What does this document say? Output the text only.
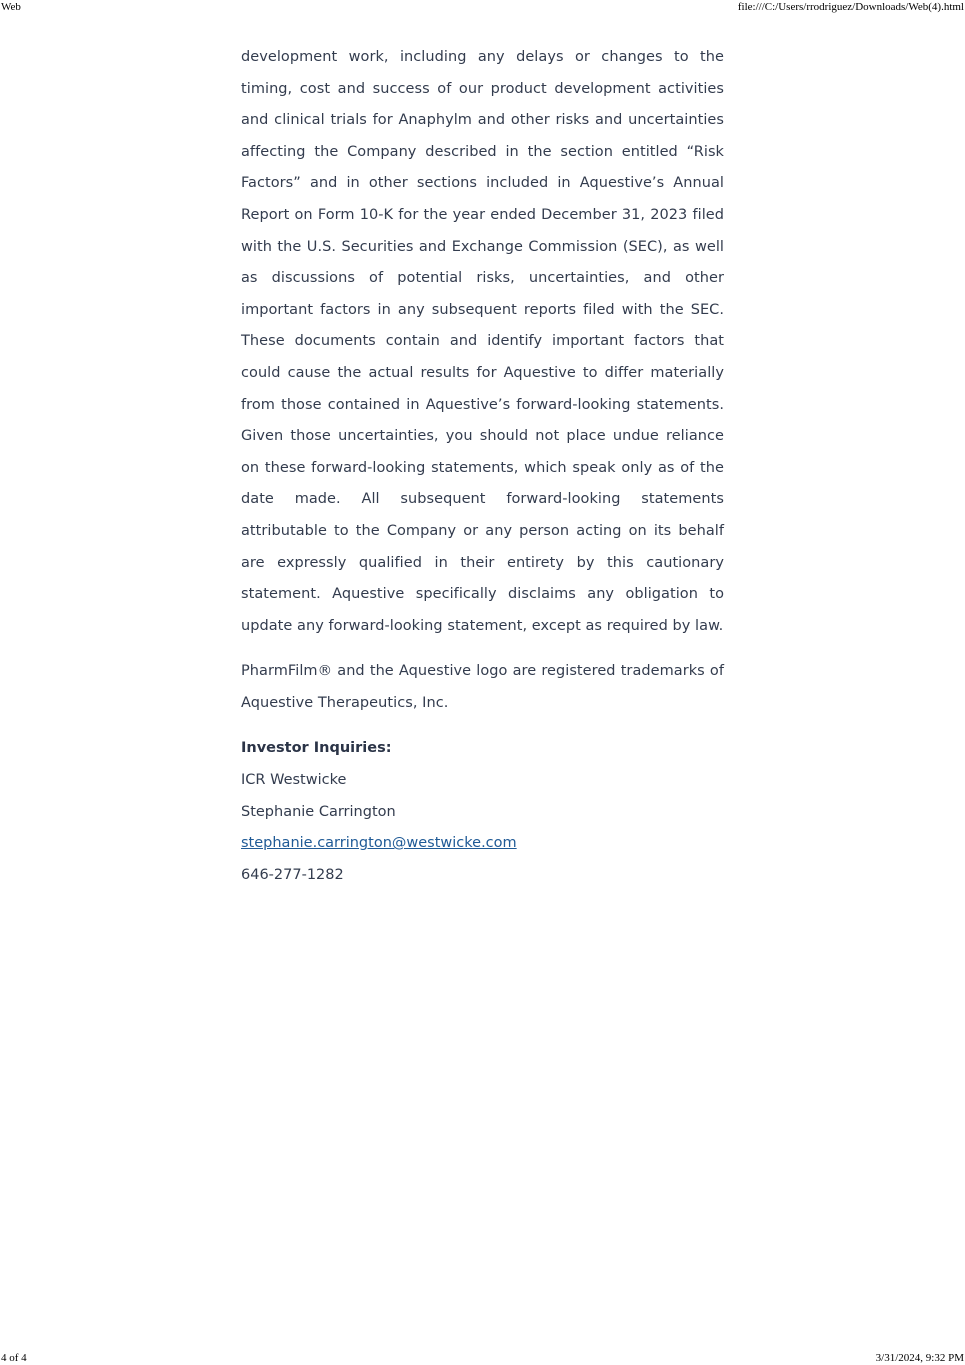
Web	file:///C:/Users/rrodriguez/Downloads/Web(4).html

development work, including any delays or changes to the timing, cost and success of our product development activities and clinical trials for Anaphylm and other risks and uncertainties affecting the Company described in the section entitled “Risk Factors” and in other sections included in Aquestive’s Annual Report on Form 10-K for the year ended December 31, 2023 filed with the U.S. Securities and Exchange Commission (SEC), as well as discussions of potential risks, uncertainties, and other important factors in any subsequent reports filed with the SEC. These documents contain and identify important factors that could cause the actual results for Aquestive to differ materially from those contained in Aquestive’s forward-looking statements. Given those uncertainties, you should not place undue reliance on these forward-looking statements, which speak only as of the date made. All subsequent forward-looking statements attributable to the Company or any person acting on its behalf are expressly qualified in their entirety by this cautionary statement. Aquestive specifically disclaims any obligation to update any forward-looking statement, except as required by law.

PharmFilm® and the Aquestive logo are registered trademarks of Aquestive Therapeutics, Inc.

Investor Inquiries:

ICR Westwicke

Stephanie Carrington

stephanie.carrington@westwicke.com

646-277-1282

4 of 4	3/31/2024, 9:32 PM
